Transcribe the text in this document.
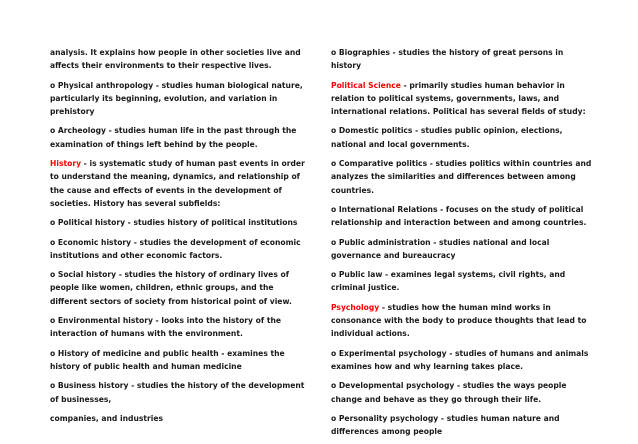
analysis. It explains how people in other societies live and affects their environments to their respective lives.

o Physical anthropology - studies human biological nature, particularly its beginning, evolution, and variation in prehistory

o Archeology - studies human life in the past through the examination of things left behind by the people.

History - is systematic study of human past events in order to understand the meaning, dynamics, and relationship of the cause and effects of events in the development of societies. History has several subfields:

o Political history - studies history of political institutions

o Economic history - studies the development of economic institutions and other economic factors.

o Social history - studies the history of ordinary lives of people like women, children, ethnic groups, and the different sectors of society from historical point of view.

o Environmental history - looks into the history of the interaction of humans with the environment.

o History of medicine and public health - examines the history of public health and human medicine

o Business history - studies the history of the development of businesses,

companies, and industries

o Biographies - studies the history of great persons in history

Political Science - primarily studies human behavior in relation to political systems, governments, laws, and international relations. Political has several fields of study:

o Domestic politics - studies public opinion, elections, national and local governments.

o Comparative politics - studies politics within countries and analyzes the similarities and differences between among countries.

o International Relations - focuses on the study of political relationship and interaction between and among countries.

o Public administration - studies national and local governance and bureaucracy

o Public law - examines legal systems, civil rights, and criminal justice.

Psychology - studies how the human mind works in consonance with the body to produce thoughts that lead to individual actions.

o Experimental psychology - studies of humans and animals examines how and why learning takes place.

o Developmental psychology - studies the ways people change and behave as they go through their life.

o Personality psychology - studies human nature and differences among people
